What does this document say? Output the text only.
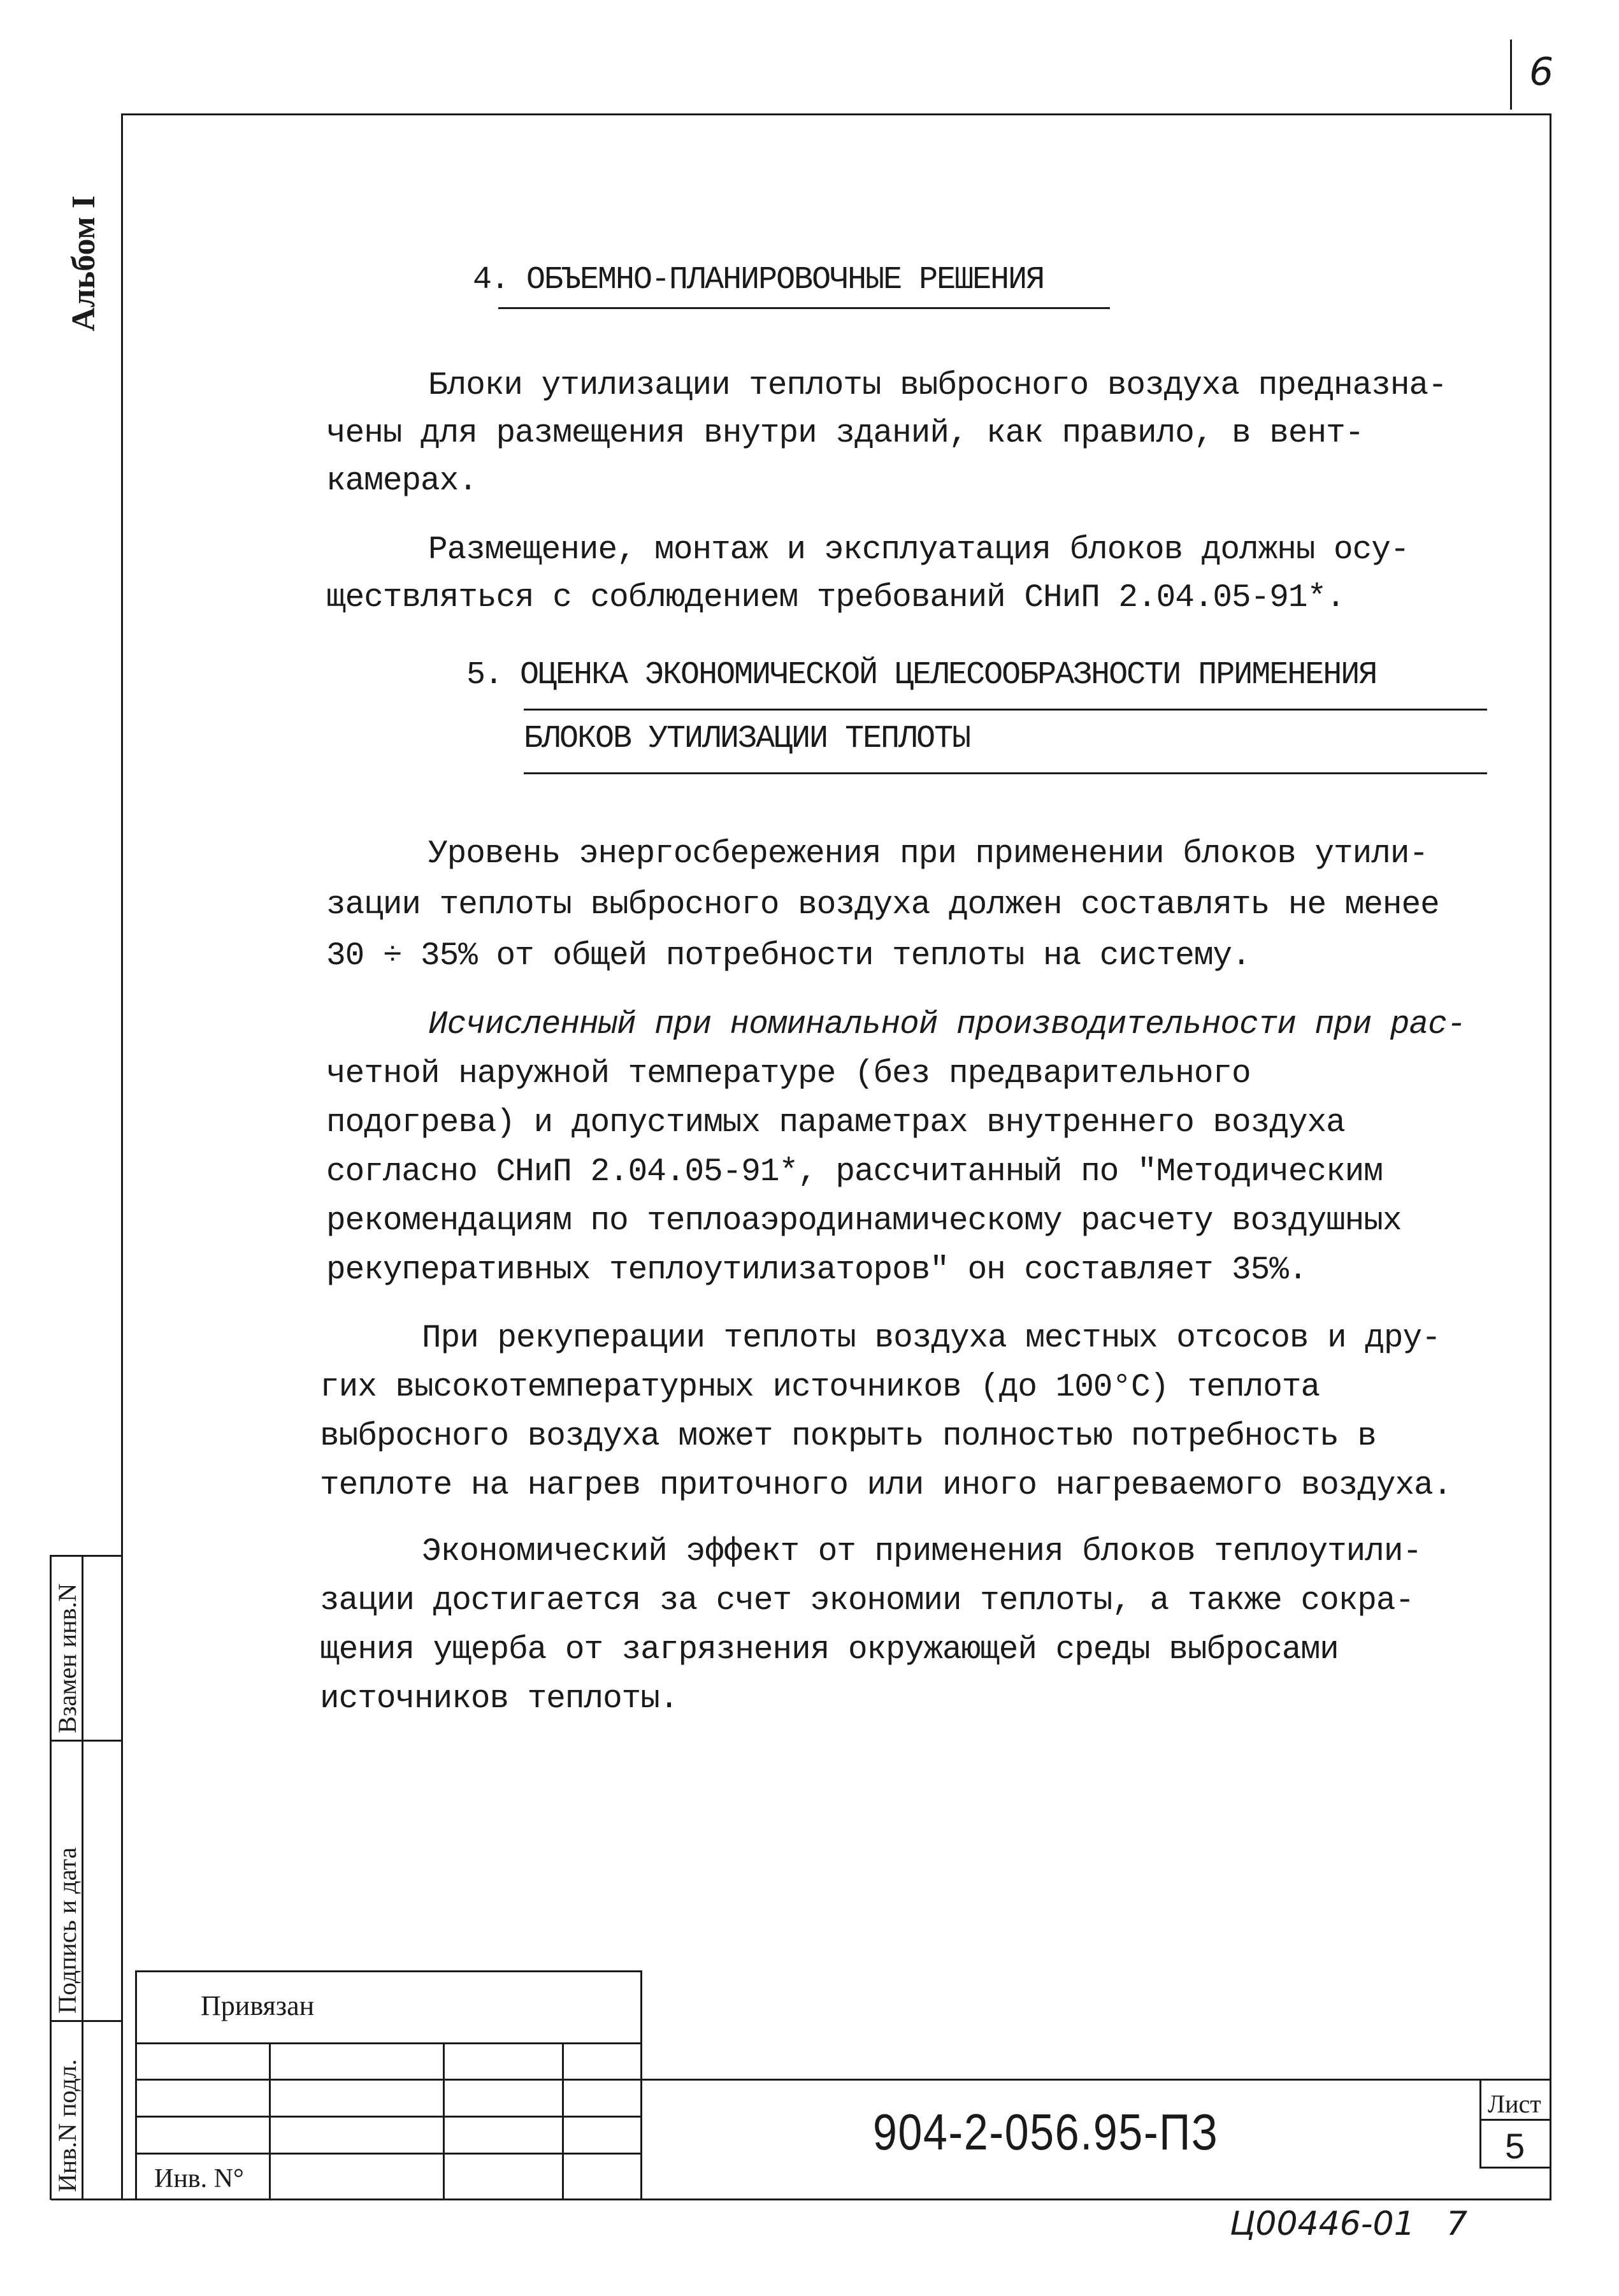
6
Альбом I	4. ОБЪЕМНО-ПЛАНИРОВОЧНЫЕ РЕШЕНИЯ
Блоки утилизации теплоты выбросного воздуха предназна-
чены для размещения внутри зданий, как правило, в вент-
камерах.
Размещение, монтаж и эксплуатация блоков должны осу-
ществляться с соблюдением требований СНиП 2.04.05-91*.
5. ОЦЕНКА ЭКОНОМИЧЕСКОЙ ЦЕЛЕСООБРАЗНОСТИ ПРИМЕНЕНИЯ
БЛОКОВ УТИЛИЗАЦИИ ТЕПЛОТЫ
Уровень энергосбережения при применении блоков утили-
зации теплоты выбросного воздуха должен составлять не менее
30 ÷ 35% от общей потребности теплоты на систему.
Исчисленный при номинальной производительности при рас-
четной наружной температуре (без предварительного
подогрева) и допустимых параметрах внутреннего воздуха
согласно СНиП 2.04.05-91*, рассчитанный по "Методическим
рекомендациям по теплоаэродинамическому расчету воздушных
рекуперативных теплоутилизаторов" он составляет 35%.
При рекуперации теплоты воздуха местных отсосов и дру-
гих высокотемпературных источников (до 100°С) теплота
выбросного воздуха может покрыть полностью потребность в
теплоте на нагрев приточного или иного нагреваемого воздуха.
Экономический эффект от применения блоков теплоутили-
зации достигается за счет экономии теплоты, а также сокра-
щения ущерба от загрязнения окружающей среды выбросами
источников теплоты.
Взамен инв.N
Подпись и дата
Инв.N подл.
Привязан
Инв. N°
904-2-056.95-ПЗ	Лист
5
Ц00446-01 7
